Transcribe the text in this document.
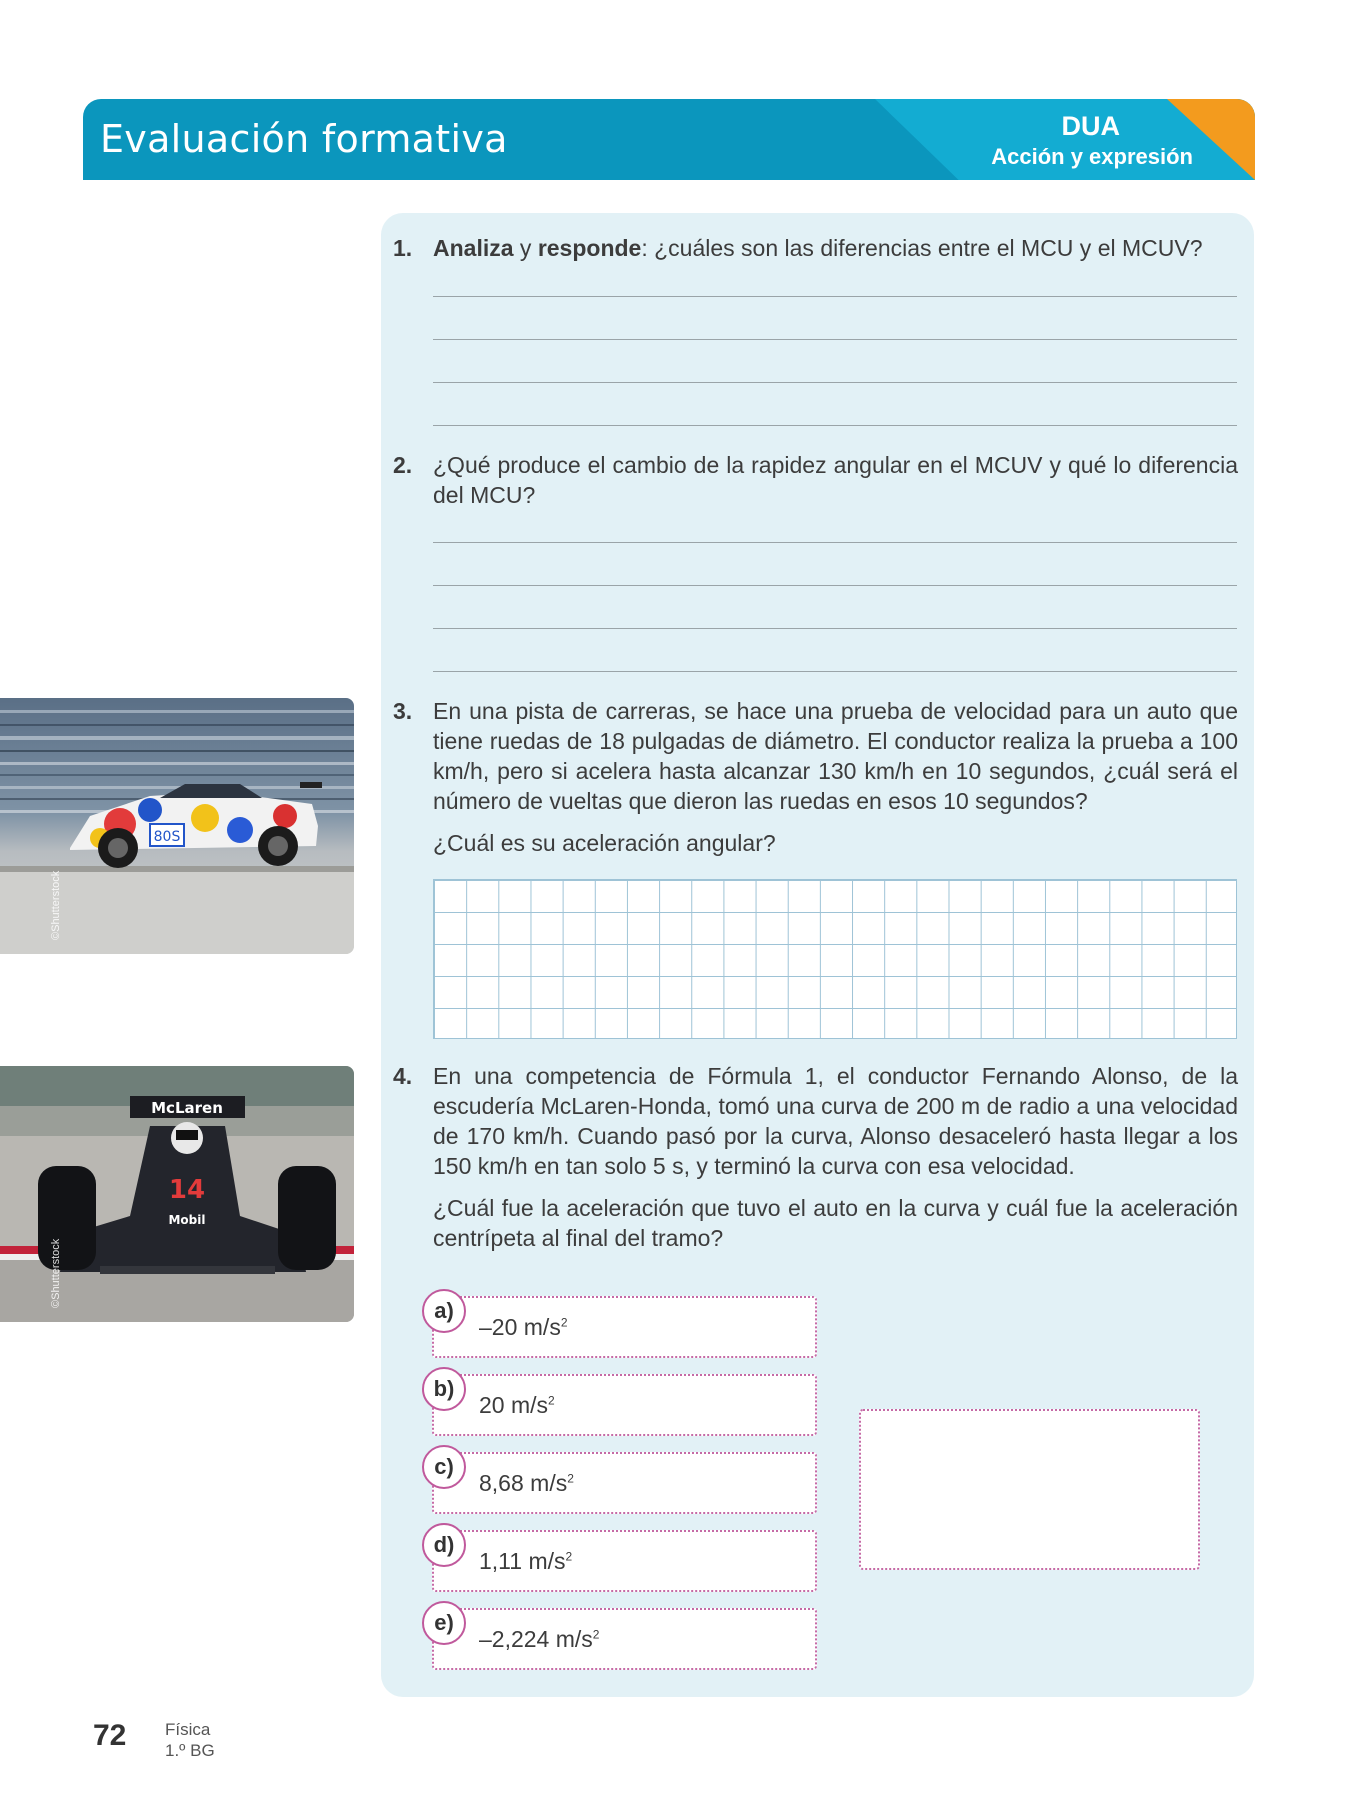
Evaluación formativa	DUA
Acción y expresión
1. Analiza y responde: ¿cuáles son las diferencias entre el MCU y el MCUV?

2. ¿Qué produce el cambio de la rapidez angular en el MCUV y qué lo diferencia del MCU?

80S
©Shutterstock
3. En una pista de carreras, se hace una prueba de velocidad para un auto que tiene ruedas de 18 pulgadas de diámetro. El conductor realiza la prueba a 100 km/h, pero si acelera hasta alcanzar 130 km/h en 10 segundos, ¿cuál será el número de vueltas que dieron las ruedas en esos 10 segundos?

¿Cuál es su aceleración angular?

McLaren
14
Mobil
©Shutterstock
4. En una competencia de Fórmula 1, el conductor Fernando Alonso, de la escudería McLaren-Honda, tomó una curva de 200 m de radio a una velocidad de 170 km/h. Cuando pasó por la curva, Alonso desaceleró hasta llegar a los 150 km/h en tan solo 5 s, y terminó la curva con esa velocidad.

¿Cuál fue la aceleración que tuvo el auto en la curva y cuál fue la aceleración centrípeta al final del tramo?

a)
–20 $m/s^2$
b)
20 $m/s^2$
c)
8,68 $m/s^2$
d)
1,11 $m/s^2$
e)
–2,224 $m/s^2$
72 Física
1.º BG
